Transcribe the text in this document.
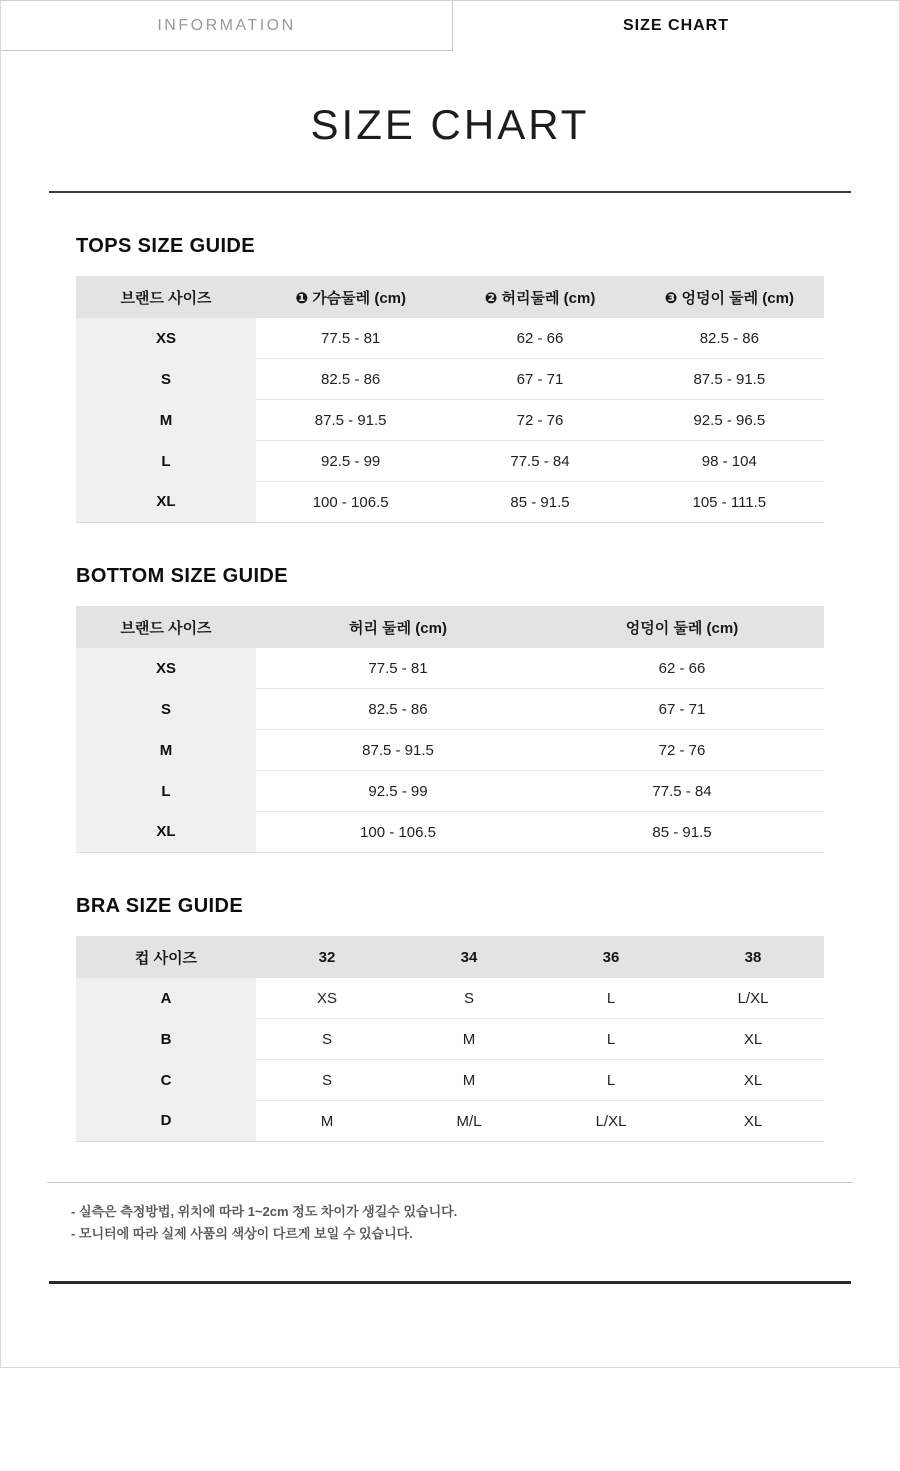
INFORMATION	SIZE CHART
SIZE CHART
TOPS SIZE GUIDE
브랜드 사이즈	❶ 가슴둘레 (cm)	❷ 허리둘레 (cm)	❸ 엉덩이 둘레 (cm)
XS	77.5 - 81	62 - 66	82.5 - 86
S	82.5 - 86	67 - 71	87.5 - 91.5
M	87.5 - 91.5	72 - 76	92.5 - 96.5
L	92.5 - 99	77.5 - 84	98 - 104
XL	100 - 106.5	85 - 91.5	105 - 111.5
BOTTOM SIZE GUIDE
브랜드 사이즈	허리 둘레 (cm)	엉덩이 둘레 (cm)
XS	77.5 - 81	62 - 66
S	82.5 - 86	67 - 71
M	87.5 - 91.5	72 - 76
L	92.5 - 99	77.5 - 84
XL	100 - 106.5	85 - 91.5
BRA SIZE GUIDE
컵 사이즈	32	34	36	38
A	XS	S	L	L/XL
B	S	M	L	XL
C	S	M	L	XL
D	M	M/L	L/XL	XL

- 실측은 측정방법, 위치에 따라 1~2cm 정도 차이가 생길수 있습니다.

- 모니터에 따라 실제 사품의 색상이 다르게 보일 수 있습니다.
